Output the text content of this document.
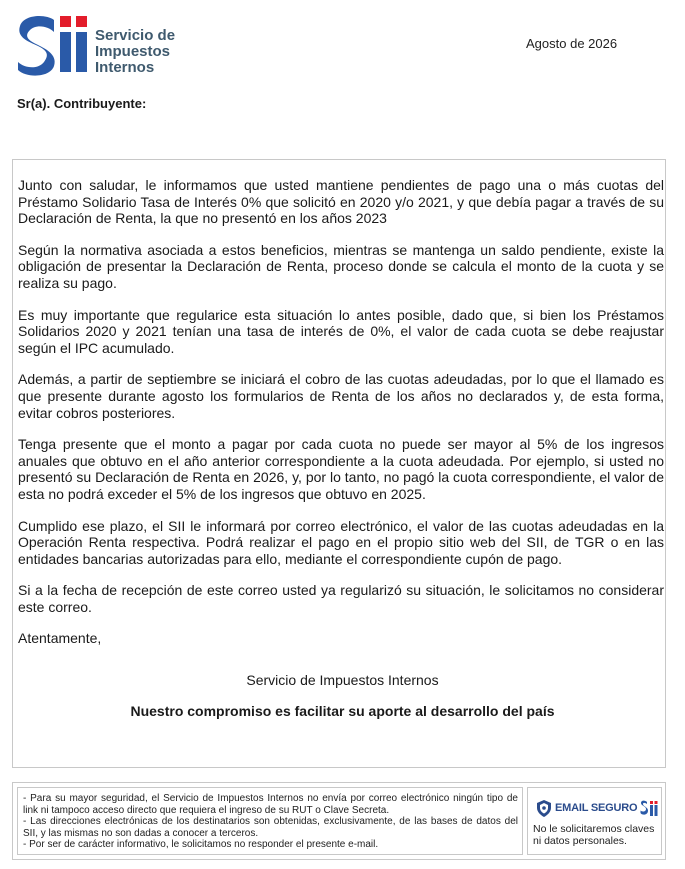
Servicio de
Impuestos
Internos
Agosto de 2026
Sr(a). Contribuyente:

Junto con saludar, le informamos que usted mantiene pendientes de pago una o más cuotas del Préstamo Solidario Tasa de Interés 0% que solicitó en 2020 y/o 2021, y que debía pagar a través de su Declaración de Renta, la que no presentó en los años 2023

Según la normativa asociada a estos beneficios, mientras se mantenga un saldo pendiente, existe la obligación de presentar la Declaración de Renta, proceso donde se calcula el monto de la cuota y se realiza su pago.

Es muy importante que regularice esta situación lo antes posible, dado que, si bien los Préstamos Solidarios 2020 y 2021 tenían una tasa de interés de 0%, el valor de cada cuota se debe reajustar según el IPC acumulado.

Además, a partir de septiembre se iniciará el cobro de las cuotas adeudadas, por lo que el llamado es que presente durante agosto los formularios de Renta de los años no declarados y, de esta forma, evitar cobros posteriores.

Tenga presente que el monto a pagar por cada cuota no puede ser mayor al 5% de los ingresos anuales que obtuvo en el año anterior correspondiente a la cuota adeudada. Por ejemplo, si usted no presentó su Declaración de Renta en 2026, y, por lo tanto, no pagó la cuota correspondiente, el valor de esta no podrá exceder el 5% de los ingresos que obtuvo en 2025.

Cumplido ese plazo, el SII le informará por correo electrónico, el valor de las cuotas adeudadas en la Operación Renta respectiva. Podrá realizar el pago en el propio sitio web del SII, de TGR o en las entidades bancarias autorizadas para ello, mediante el correspondiente cupón de pago.

Si a la fecha de recepción de este correo usted ya regularizó su situación, le solicitamos no considerar este correo.

Atentamente,

Servicio de Impuestos Internos
Nuestro compromiso es facilitar su aporte al desarrollo del país
- Para su mayor seguridad, el Servicio de Impuestos Internos no envía por correo electrónico ningún tipo de link ni tampoco acceso directo que requiera el ingreso de su RUT o Clave Secreta.
- Las direcciones electrónicas de los destinatarios son obtenidas, exclusivamente, de las bases de datos del SII, y las mismas no son dadas a conocer a terceros.
- Por ser de carácter informativo, le solicitamos no responder el presente e-mail.
EMAIL SEGURO
No le solicitaremos claves ni datos personales.
